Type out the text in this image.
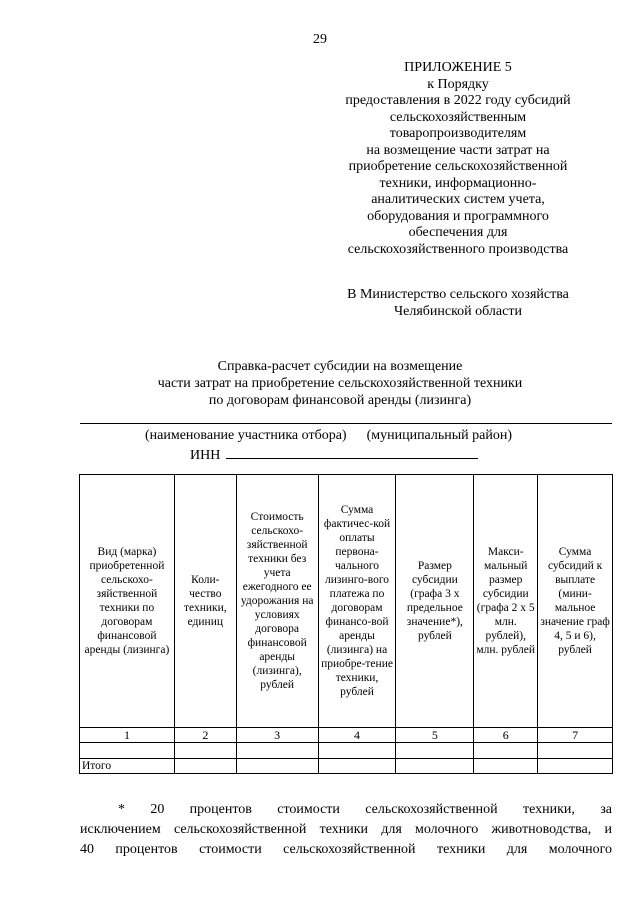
29
ПРИЛОЖЕНИЕ 5
к Порядку
предоставления в 2022 году субсидий
сельскохозяйственным
товаропроизводителям
на возмещение части затрат на
приобретение сельскохозяйственной
техники, информационно-
аналитических систем учета,
оборудования и программного
обеспечения для
сельскохозяйственного производства
В Министерство сельского хозяйства
Челябинской области
Справка-расчет субсидии на возмещение
части затрат на приобретение сельскохозяйственной техники
по договорам финансовой аренды (лизинга)
(наименование участника отбора) (муниципальный район)
ИНН
Вид (марка) приобретенной сельскохо-зяйственной техники по договорам финансовой аренды (лизинга)	Коли-чество техники, единиц	Стоимость сельскохо-зяйственной техники без учета ежегодного ее удорожания на условиях договора финансовой аренды (лизинга), рублей	Сумма фактичес-кой оплаты первона-чального лизинго-вого платежа по договорам финансо-вой аренды (лизинга) на приобре-тение техники, рублей	Размер субсидии (графа 3 х предельное значение*), рублей	Макси-мальный размер субсидии (графа 2 х 5 млн. рублей), млн. рублей	Сумма субсидий к выплате (мини-мальное значение граф 4, 5 и 6), рублей
1	2	3	4	5	6	7

Итого						

* 20 процентов стоимости сельскохозяйственной техники, за

исключением сельскохозяйственной техники для молочного животноводства, и

40 процентов стоимости сельскохозяйственной техники для молочного
